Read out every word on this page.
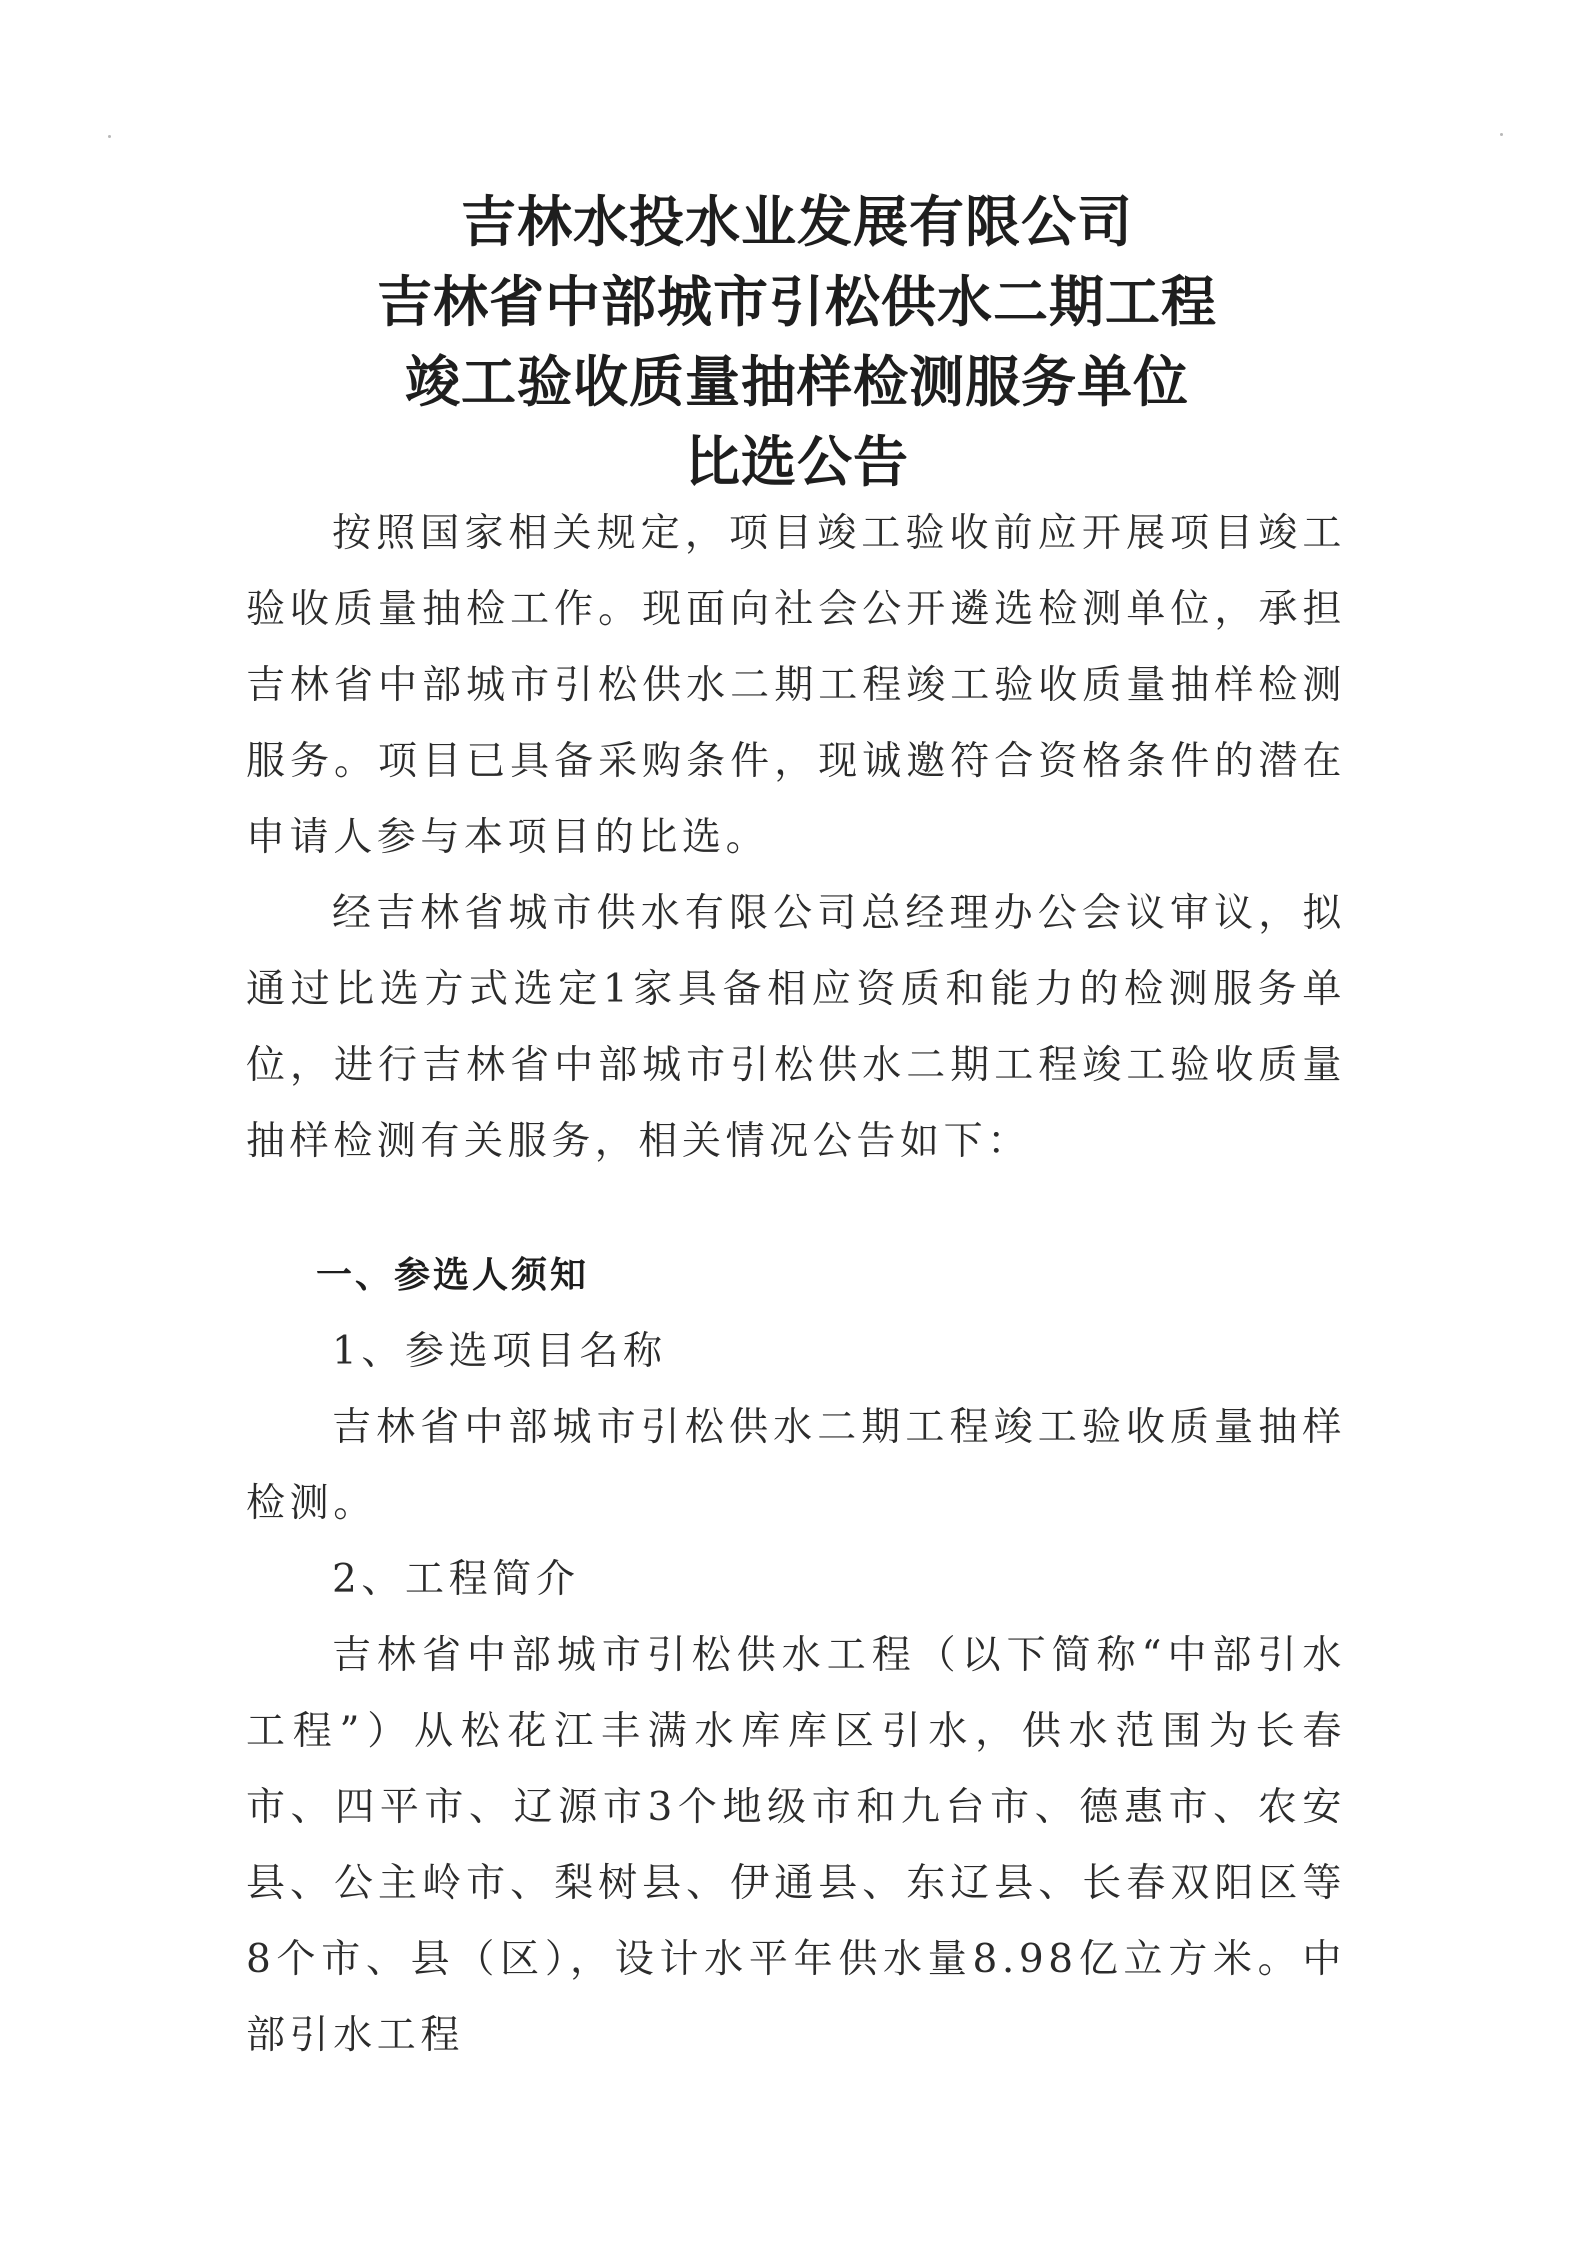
吉林水投水业发展有限公司
吉林省中部城市引松供水二期工程
竣工验收质量抽样检测服务单位
比选公告

按照国家相关规定，项目竣工验收前应开展项目竣工验收质量抽检工作。现面向社会公开遴选检测单位，承担吉林省中部城市引松供水二期工程竣工验收质量抽样检测服务。项目已具备采购条件，现诚邀符合资格条件的潜在申请人参与本项目的比选。

经吉林省城市供水有限公司总经理办公会议审议，拟通过比选方式选定1家具备相应资质和能力的检测服务单位，进行吉林省中部城市引松供水二期工程竣工验收质量抽样检测有关服务，相关情况公告如下：

一、参选人须知

1、参选项目名称

吉林省中部城市引松供水二期工程竣工验收质量抽样检测。

2、工程简介

吉林省中部城市引松供水工程（以下简称“中部引水工程”）从松花江丰满水库库区引水，供水范围为长春市、四平市、辽源市3个地级市和九台市、德惠市、农安县、公主岭市、梨树县、伊通县、东辽县、长春双阳区等8个市、县（区），设计水平年供水量8.98亿立方米。中部引水工程
